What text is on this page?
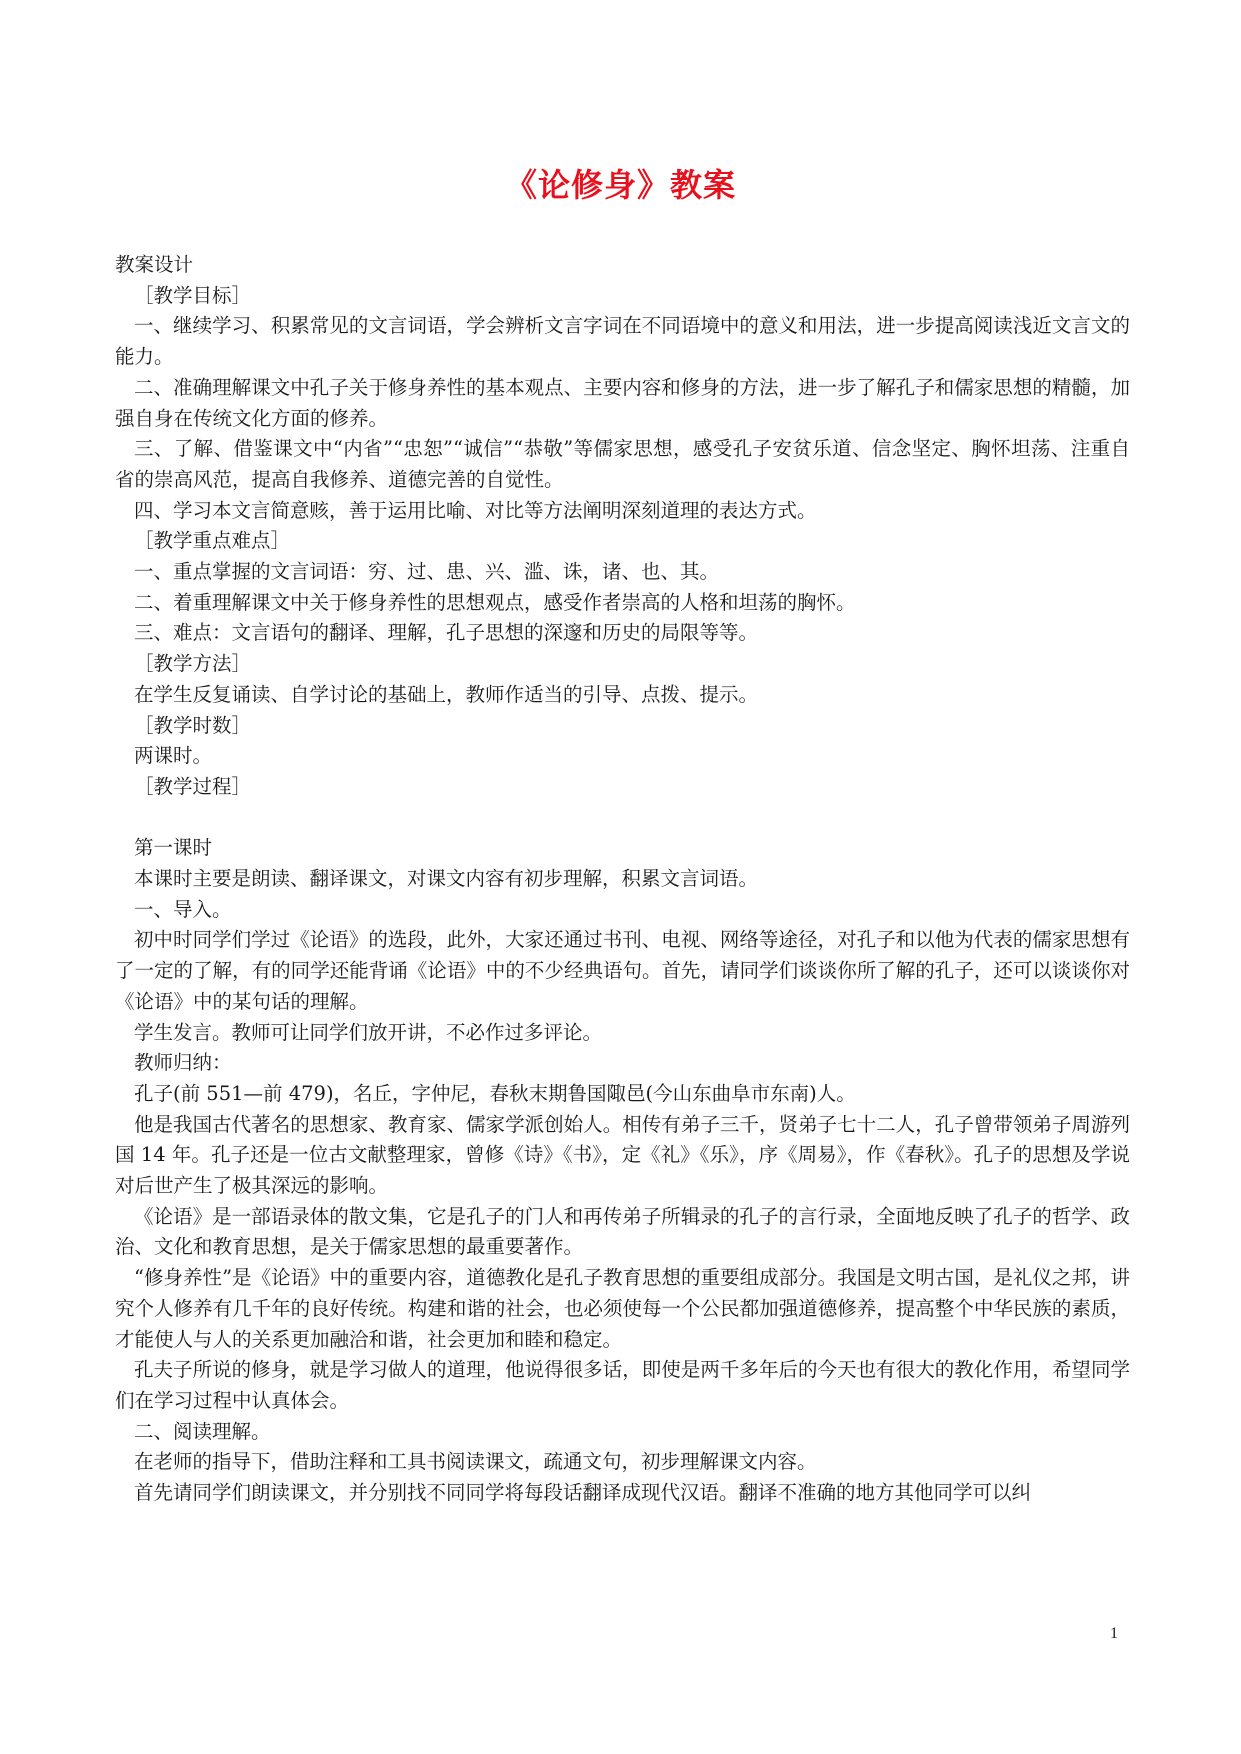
《论修身》教案

教案设计

［教学目标］

一、继续学习、积累常见的文言词语，学会辨析文言字词在不同语境中的意义和用法，进一步提高阅读浅近文言文的能力。

二、准确理解课文中孔子关于修身养性的基本观点、主要内容和修身的方法，进一步了解孔子和儒家思想的精髓，加强自身在传统文化方面的修养。

三、了解、借鉴课文中“内省”“忠恕”“诚信”“恭敬”等儒家思想，感受孔子安贫乐道、信念坚定、胸怀坦荡、注重自省的崇高风范，提高自我修养、道德完善的自觉性。

四、学习本文言简意赅，善于运用比喻、对比等方法阐明深刻道理的表达方式。

［教学重点难点］

一、重点掌握的文言词语：穷、过、患、兴、滥、诛，诸、也、其。

二、着重理解课文中关于修身养性的思想观点，感受作者崇高的人格和坦荡的胸怀。

三、难点：文言语句的翻译、理解，孔子思想的深邃和历史的局限等等。

［教学方法］

在学生反复诵读、自学讨论的基础上，教师作适当的引导、点拨、提示。

［教学时数］

两课时。

［教学过程］

第一课时

本课时主要是朗读、翻译课文，对课文内容有初步理解，积累文言词语。

一、导入。

初中时同学们学过《论语》的选段，此外，大家还通过书刊、电视、网络等途径，对孔子和以他为代表的儒家思想有了一定的了解，有的同学还能背诵《论语》中的不少经典语句。首先，请同学们谈谈你所了解的孔子，还可以谈谈你对《论语》中的某句话的理解。

学生发言。教师可让同学们放开讲，不必作过多评论。

教师归纳：

孔子(前 551—前 479)，名丘，字仲尼，春秋末期鲁国陬邑(今山东曲阜市东南)人。

他是我国古代著名的思想家、教育家、儒家学派创始人。相传有弟子三千，贤弟子七十二人，孔子曾带领弟子周游列国 14 年。孔子还是一位古文献整理家，曾修《诗》《书》，定《礼》《乐》，序《周易》，作《春秋》。孔子的思想及学说对后世产生了极其深远的影响。

《论语》是一部语录体的散文集，它是孔子的门人和再传弟子所辑录的孔子的言行录，全面地反映了孔子的哲学、政治、文化和教育思想，是关于儒家思想的最重要著作。

“修身养性”是《论语》中的重要内容，道德教化是孔子教育思想的重要组成部分。我国是文明古国，是礼仪之邦，讲究个人修养有几千年的良好传统。构建和谐的社会，也必须使每一个公民都加强道德修养，提高整个中华民族的素质，才能使人与人的关系更加融洽和谐，社会更加和睦和稳定。

孔夫子所说的修身，就是学习做人的道理，他说得很多话，即使是两千多年后的今天也有很大的教化作用，希望同学们在学习过程中认真体会。

二、阅读理解。

在老师的指导下，借助注释和工具书阅读课文，疏通文句，初步理解课文内容。

首先请同学们朗读课文，并分别找不同同学将每段话翻译成现代汉语。翻译不准确的地方其他同学可以纠

1
